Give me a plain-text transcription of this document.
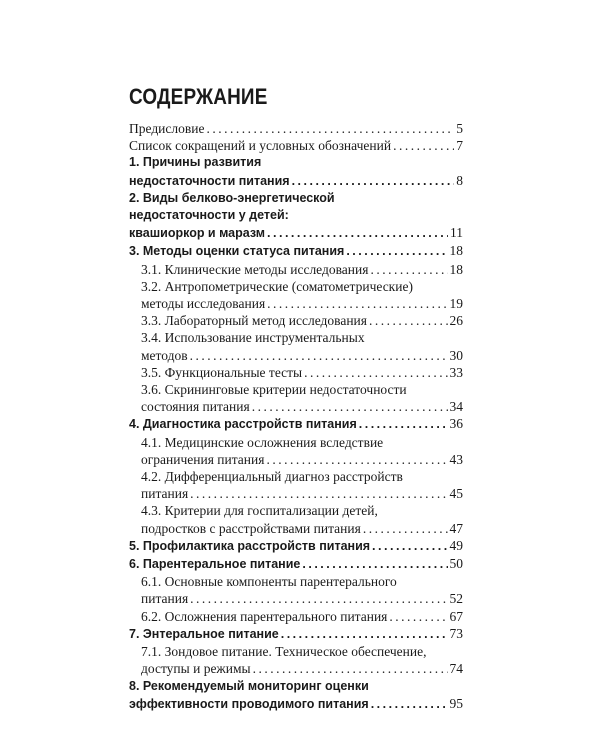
СОДЕРЖАНИЕ
Предисловие .....	5
Список сокращений и условных обозначений .....	7
1. Причины развития
недостаточности питания .....	8
2. Виды белково-энергетической
недостаточности у детей:
квашиоркор и маразм .....	11
3. Методы оценки статуса питания .....	18
3.1. Клинические методы исследования .....	18
3.2. Антропометрические (соматометрические)
методы исследования .....	19
3.3. Лабораторный метод исследования .....	26
3.4. Использование инструментальных
методов .....	30
3.5. Функциональные тесты .....	33
3.6. Скрининговые критерии недостаточности
состояния питания .....	34
4. Диагностика расстройств питания .....	36
4.1. Медицинские осложнения вследствие
ограничения питания .....	43
4.2. Дифференциальный диагноз расстройств
питания .....	45
4.3. Критерии для госпитализации детей,
подростков с расстройствами питания .....	47
5. Профилактика расстройств питания .....	49
6. Парентеральное питание .....	50
6.1. Основные компоненты парентерального
питания .....	52
6.2. Осложнения парентерального питания .....	67
7. Энтеральное питание .....	73
7.1. Зондовое питание. Техническое обеспечение,
доступы и режимы .....	74
8. Рекомендуемый мониторинг оценки
эффективности проводимого питания .....	95
